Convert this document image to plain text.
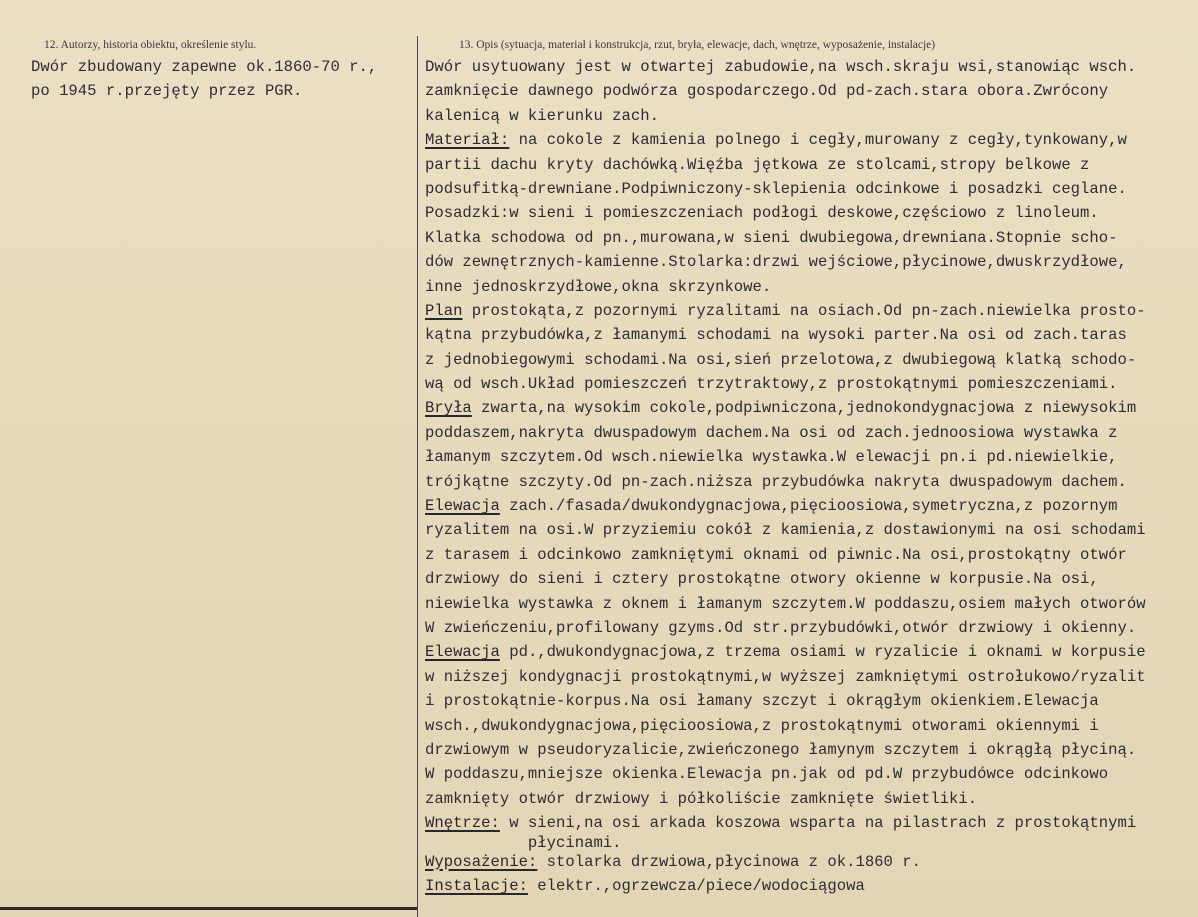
12. Autorzy, historia obiektu, określenie stylu.	13. Opis (sytuacja, materiał i konstrukcja, rzut, bryła, elewacje, dach, wnętrze, wyposażenie, instalacje)
Dwór zbudowany zapewne ok.1860-70 r.,
po 1945 r.przejęty przez PGR.
Dwór usytuowany jest w otwartej zabudowie,na wsch.skraju wsi,stanowiąc wsch.
zamknięcie dawnego podwórza gospodarczego.Od pd-zach.stara obora.Zwrócony
kalenicą w kierunku zach.
Materiał: na cokole z kamienia polnego i cegły,murowany z cegły,tynkowany,w
partii dachu kryty dachówką.Więźba jętkowa ze stolcami,stropy belkowe z
podsufitką-drewniane.Podpiwniczony-sklepienia odcinkowe i posadzki ceglane.
Posadzki:w sieni i pomieszczeniach podłogi deskowe,częściowo z linoleum.
Klatka schodowa od pn.,murowana,w sieni dwubiegowa,drewniana.Stopnie scho-
dów zewnętrznych-kamienne.Stolarka:drzwi wejściowe,płycinowe,dwuskrzydłowe,
inne jednoskrzydłowe,okna skrzynkowe.
Plan prostokąta,z pozornymi ryzalitami na osiach.Od pn-zach.niewielka prosto-
kątna przybudówka,z łamanymi schodami na wysoki parter.Na osi od zach.taras
z jednobiegowymi schodami.Na osi,sień przelotowa,z dwubiegową klatką schodo-
wą od wsch.Układ pomieszczeń trzytraktowy,z prostokątnymi pomieszczeniami.
Bryła zwarta,na wysokim cokole,podpiwniczona,jednokondygnacjowa z niewysokim
poddaszem,nakryta dwuspadowym dachem.Na osi od zach.jednoosiowa wystawka z
łamanym szczytem.Od wsch.niewielka wystawka.W elewacji pn.i pd.niewielkie,
trójkątne szczyty.Od pn-zach.niższa przybudówka nakryta dwuspadowym dachem.
Elewacja zach./fasada/dwukondygnacjowa,pięcioosiowa,symetryczna,z pozornym
ryzalitem na osi.W przyziemiu cokół z kamienia,z dostawionymi na osi schodami
z tarasem i odcinkowo zamkniętymi oknami od piwnic.Na osi,prostokątny otwór
drzwiowy do sieni i cztery prostokątne otwory okienne w korpusie.Na osi,
niewielka wystawka z oknem i łamanym szczytem.W poddaszu,osiem małych otworów
W zwieńczeniu,profilowany gzyms.Od str.przybudówki,otwór drzwiowy i okienny.
Elewacja pd.,dwukondygnacjowa,z trzema osiami w ryzalicie i oknami w korpusie
w niższej kondygnacji prostokątnymi,w wyższej zamkniętymi ostrołukowo/ryzalit
i prostokątnie-korpus.Na osi łamany szczyt i okrągłym okienkiem.Elewacja
wsch.,dwukondygnacjowa,pięcioosiowa,z prostokątnymi otworami okiennymi i
drzwiowym w pseudoryzalicie,zwieńczonego łamynym szczytem i okrągłą płyciną.
W poddaszu,mniejsze okienka.Elewacja pn.jak od pd.W przybudówce odcinkowo
zamknięty otwór drzwiowy i półkoliście zamknięte świetliki.
Wnętrze: w sieni,na osi arkada koszowa wsparta na pilastrach z prostokątnymi
płycinami.
Wyposażenie: stolarka drzwiowa,płycinowa z ok.1860 r.
Instalacje: elektr.,ogrzewcza/piece/wodociągowa
